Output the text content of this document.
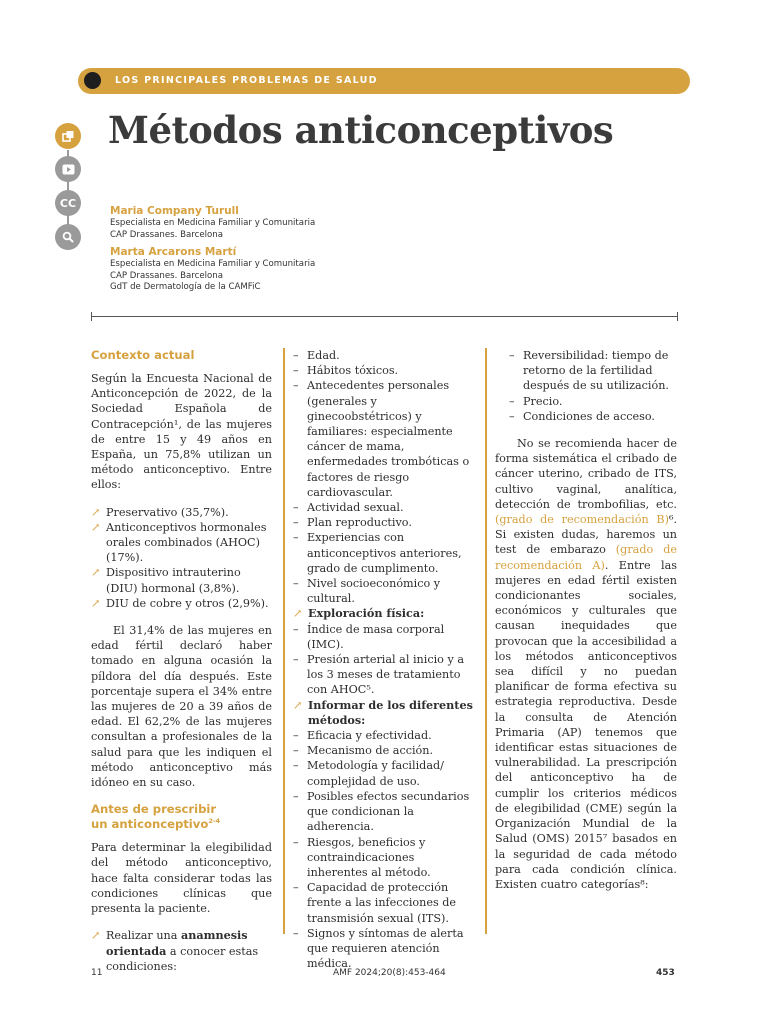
LOS PRINCIPALES PROBLEMAS DE SALUD
CC
Métodos anticonceptivos
Maria Company Turull
Especialista en Medicina Familiar y Comunitaria
CAP Drassanes. Barcelona
Marta Arcarons Martí
Especialista en Medicina Familiar y Comunitaria
CAP Drassanes. Barcelona
GdT de Dermatología de la CAMFiC
Contexto actual

Según la Encuesta Nacional de Anticoncepción de 2022, de la Sociedad Española de Contracepción¹, de las mujeres de entre 15 y 49 años en España, un 75,8% utilizan un método anticonceptivo. Entre ellos:

↗ Preservativo (35,7%).
↗ Anticonceptivos hormonales orales combinados (AHOC) (17%).
↗ Dispositivo intrauterino (DIU) hormonal (3,8%).
↗ DIU de cobre y otros (2,9%).

El 31,4% de las mujeres en edad fértil declaró haber tomado en alguna ocasión la píldora del día después. Este porcentaje supera el 34% entre las mujeres de 20 a 39 años de edad. El 62,2% de las mujeres consultan a profesionales de la salud para que les indiquen el método anticonceptivo más idóneo en su caso.

Antes de prescribir
un anticonceptivo$^{2-4}$

Para determinar la elegibilidad del método anticonceptivo, hace falta considerar todas las condiciones clínicas que presenta la paciente.

↗ Realizar una anamnesis orientada a conocer estas condiciones:
– Edad.
– Hábitos tóxicos.
– Antecedentes personales (generales y ginecoobstétricos) y familiares: especialmente cáncer de mama, enfermedades trombóticas o factores de riesgo cardiovascular.
– Actividad sexual.
– Plan reproductivo.
– Experiencias con anticonceptivos anteriores, grado de cumplimento.
– Nivel socioeconómico y cultural.
↗ Exploración física:
– Índice de masa corporal (IMC).
– Presión arterial al inicio y a los 3 meses de tratamiento con AHOC⁵.
↗ Informar de los diferentes métodos:
– Eficacia y efectividad.
– Mecanismo de acción.
– Metodología y facilidad/ complejidad de uso.
– Posibles efectos secundarios que condicionan la adherencia.
– Riesgos, beneficios y contraindicaciones inherentes al método.
– Capacidad de protección frente a las infecciones de transmisión sexual (ITS).
– Signos y síntomas de alerta que requieren atención médica.
– Reversibilidad: tiempo de retorno de la fertilidad después de su utilización.
– Precio.
– Condiciones de acceso.

No se recomienda hacer de forma sistemática el cribado de cáncer uterino, cribado de ITS, cultivo vaginal, analítica, detección de trombofilias, etc. (grado de recomendación B)⁶. Si existen dudas, haremos un test de embarazo (grado de recomendación A). Entre las mujeres en edad fértil existen condicionantes sociales, económicos y culturales que causan inequidades que provocan que la accesibilidad a los métodos anticonceptivos sea difícil y no puedan planificar de forma efectiva su estrategia reproductiva. Desde la consulta de Atención Primaria (AP) tenemos que identificar estas situaciones de vulnerabilidad. La prescripción del anticonceptivo ha de cumplir los criterios médicos de elegibilidad (CME) según la Organización Mundial de la Salud (OMS) 2015⁷ basados en la seguridad de cada método para cada condición clínica. Existen cuatro categorías⁸:

11	AMF 2024;20(8):453-464	453
